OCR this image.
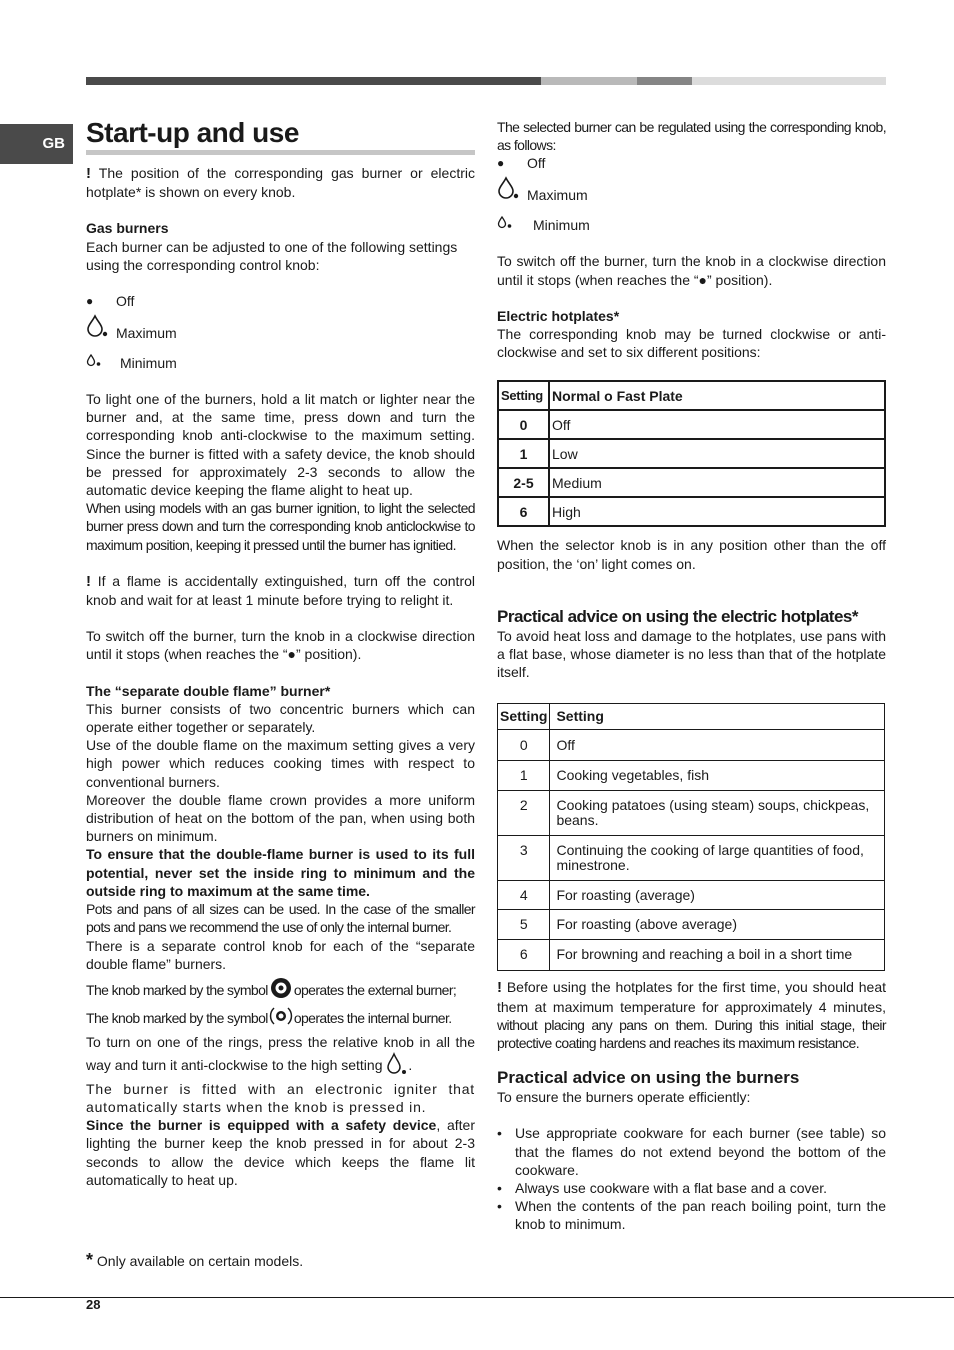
GB Start-up and use

! The position of the corresponding gas burner or electric hotplate* is shown on every knob.

Gas burners

Each burner can be adjusted to one of the following settings using the corresponding control knob:

●	Off
Maximum
Minimum

To light one of the burners, hold a lit match or lighter near the burner and, at the same time, press down and turn the corresponding knob anti-clockwise to the maximum setting. Since the burner is fitted with a safety device, the knob should be pressed for approximately 2-3 seconds to allow the automatic device keeping the flame alight to heat up.

When using models with an gas burner ignition, to light the selected burner press down and turn the corresponding knob anticlockwise to maximum position, keeping it pressed until the burner has ignitied.

! If a flame is accidentally extinguished, turn off the control knob and wait for at least 1 minute before trying to relight it.

To switch off the burner, turn the knob in a clockwise direction until it stops (when reaches the “●” position).

The “separate double flame” burner*

This burner consists of two concentric burners which can operate either together or separately.

Use of the double flame on the maximum setting gives a very high power which reduces cooking times with respect to conventional burners.

Moreover the double flame crown provides a more uniform distribution of heat on the bottom of the pan, when using both burners on minimum.

To ensure that the double-flame burner is used to its full potential, never set the inside ring to minimum and the outside ring to maximum at the same time.

Pots and pans of all sizes can be used. In the case of the smaller pots and pans we recommend the use of only the internal burner.

There is a separate control knob for each of the “separate double flame” burners.

The knob marked by the symbol operates the external burner;

The knob marked by the symbol operates the internal burner.

To turn on one of the rings, press the relative knob in all the way and turn it anti-clockwise to the high setting .

The burner is fitted with an electronic igniter that automatically starts when the knob is pressed in.

Since the burner is equipped with a safety device, after lighting the burner keep the knob pressed in for about 2-3 seconds to allow the device which keeps the flame lit automatically to heat up.

* Only available on certain models.

The selected burner can be regulated using the corresponding knob, as follows:

●	Off
Maximum
Minimum

To switch off the burner, turn the knob in a clockwise direction until it stops (when reaches the “●” position).

Electric hotplates*

The corresponding knob may be turned clockwise or anti-clockwise and set to six different positions:

Setting	Normal o Fast Plate
0	Off
1	Low
2-5	Medium
6	High

When the selector knob is in any position other than the off position, the ‘on’ light comes on.

Practical advice on using the electric hotplates*

To avoid heat loss and damage to the hotplates, use pans with a flat base, whose diameter is no less than that of the hotplate itself.

Setting	Setting
0	Off
1	Cooking vegetables, fish
2	Cooking patatoes (using steam) soups, chickpeas, beans.
3	Continuing the cooking of large quantities of food, minestrone.
4	For roasting (average)
5	For roasting (above average)
6	For browning and reaching a boil in a short time

! Before using the hotplates for the first time, you should heat them at maximum temperature for approximately 4 minutes, without placing any pans on them. During this initial stage, their protective coating hardens and reaches its maximum resistance.

Practical advice on using the burners

To ensure the burners operate efficiently:

• Use appropriate cookware for each burner (see table) so that the flames do not extend beyond the bottom of the cookware.
• Always use cookware with a flat base and a cover.
• When the contents of the pan reach boiling point, turn the knob to minimum.
28
